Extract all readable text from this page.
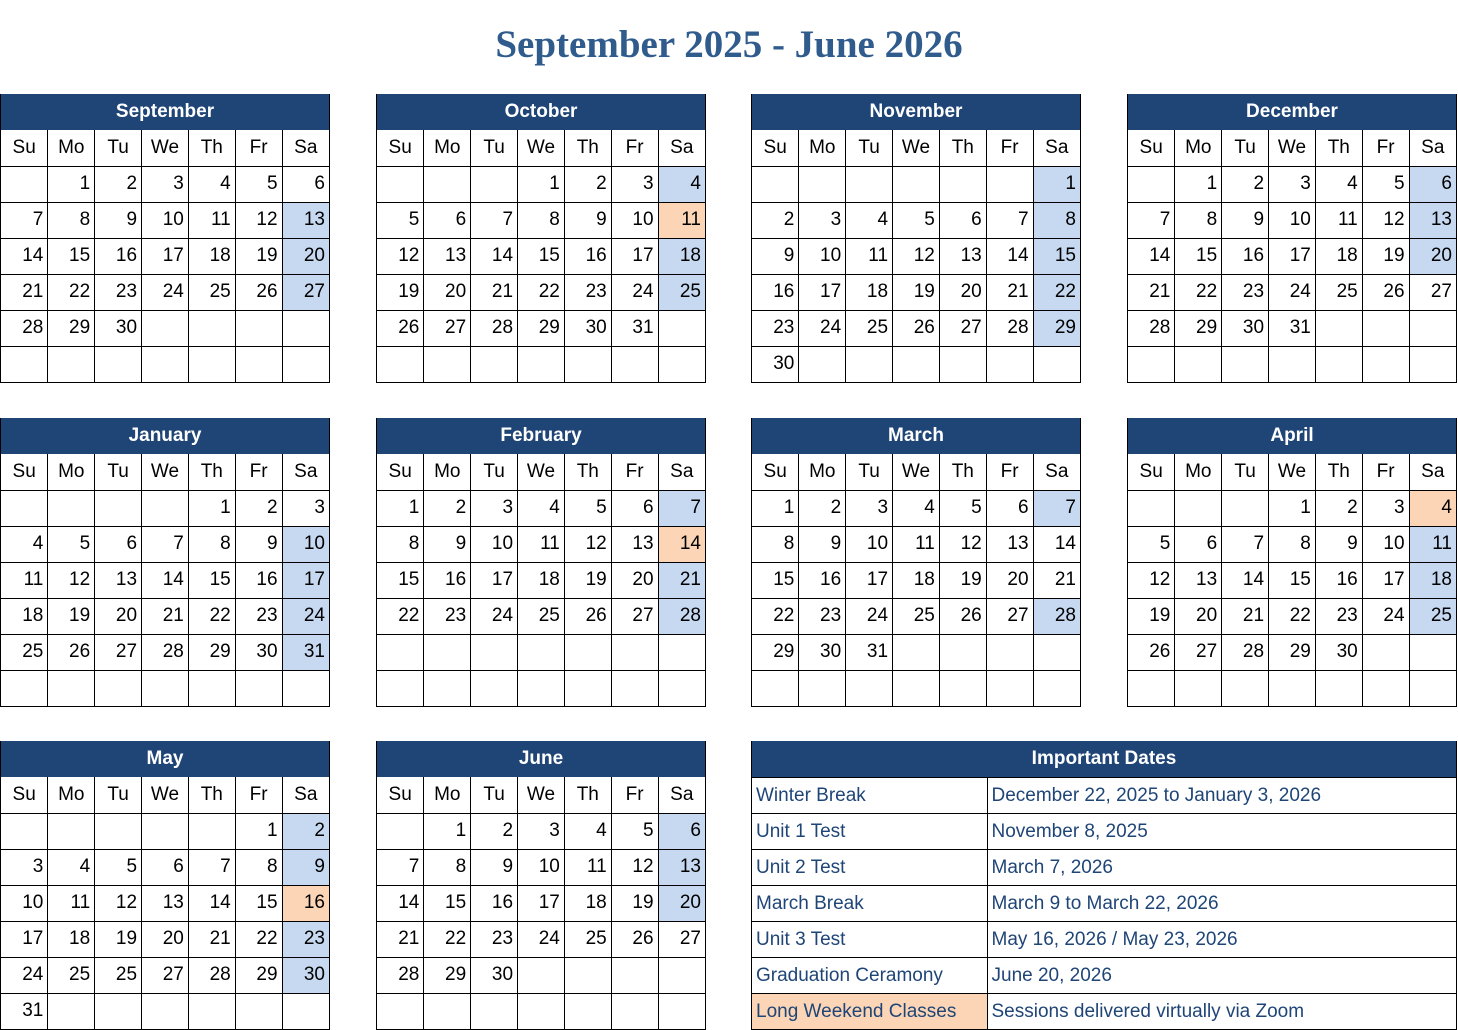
September 2025 - June 2026
September
Su	Mo	Tu	We	Th	Fr	Sa
	1	2	3	4	5	6
7	8	9	10	11	12	13
14	15	16	17	18	19	20
21	22	23	24	25	26	27
28	29	30				

October
Su	Mo	Tu	We	Th	Fr	Sa
			1	2	3	4
5	6	7	8	9	10	11
12	13	14	15	16	17	18
19	20	21	22	23	24	25
26	27	28	29	30	31	

November
Su	Mo	Tu	We	Th	Fr	Sa
						1
2	3	4	5	6	7	8
9	10	11	12	13	14	15
16	17	18	19	20	21	22
23	24	25	26	27	28	29
30						
December
Su	Mo	Tu	We	Th	Fr	Sa
	1	2	3	4	5	6
7	8	9	10	11	12	13
14	15	16	17	18	19	20
21	22	23	24	25	26	27
28	29	30	31			

January
Su	Mo	Tu	We	Th	Fr	Sa
				1	2	3
4	5	6	7	8	9	10
11	12	13	14	15	16	17
18	19	20	21	22	23	24
25	26	27	28	29	30	31

February
Su	Mo	Tu	We	Th	Fr	Sa
1	2	3	4	5	6	7
8	9	10	11	12	13	14
15	16	17	18	19	20	21
22	23	24	25	26	27	28

March
Su	Mo	Tu	We	Th	Fr	Sa
1	2	3	4	5	6	7
8	9	10	11	12	13	14
15	16	17	18	19	20	21
22	23	24	25	26	27	28
29	30	31				

April
Su	Mo	Tu	We	Th	Fr	Sa
			1	2	3	4
5	6	7	8	9	10	11
12	13	14	15	16	17	18
19	20	21	22	23	24	25
26	27	28	29	30		

May
Su	Mo	Tu	We	Th	Fr	Sa
					1	2
3	4	5	6	7	8	9
10	11	12	13	14	15	16
17	18	19	20	21	22	23
24	25	25	27	28	29	30
31						
June
Su	Mo	Tu	We	Th	Fr	Sa
	1	2	3	4	5	6
7	8	9	10	11	12	13
14	15	16	17	18	19	20
21	22	23	24	25	26	27
28	29	30				

Important Dates
Winter Break	December 22, 2025 to January 3, 2026
Unit 1 Test	November 8, 2025
Unit 2 Test	March 7, 2026
March Break	March 9 to March 22, 2026
Unit 3 Test	May 16, 2026 / May 23, 2026
Graduation Ceramony	June 20, 2026
Long Weekend Classes	Sessions delivered virtually via Zoom
